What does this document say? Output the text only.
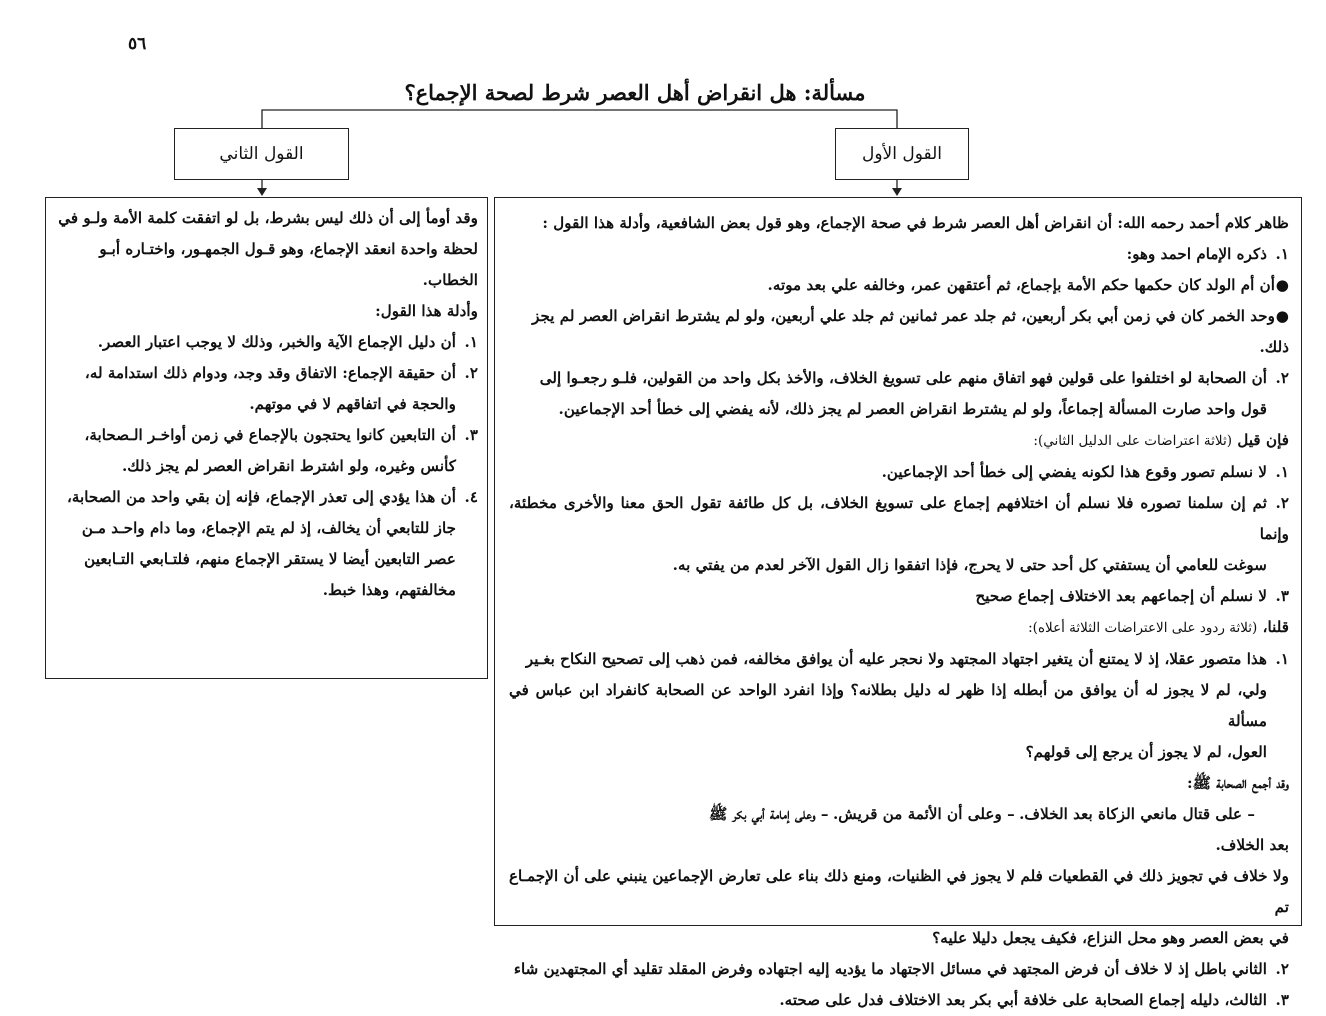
٥٦
مسألة: هل انقراض أهل العصر شرط لصحة الإجماع؟
القول الأول
القول الثاني

ظاهر كلام أحمد رحمه الله: أن انقراض أهل العصر شرط في صحة الإجماع، وهو قول بعض الشافعية، وأدلة هذا القول :

١.ذكره الإمام احمد وهو:

●أن أم الولد كان حكمها حكم الأمة بإجماع، ثم أعتقهن عمر، وخالفه علي بعد موته.

●وحد الخمر كان في زمن أبي بكر أربعين، ثم جلد عمر ثمانين ثم جلد علي أربعين، ولو لم يشترط انقراض العصر لم يجز ذلك.

٢.أن الصحابة لو اختلفوا على قولين فهو اتفاق منهم على تسويغ الخلاف، والأخذ بكل واحد من القولين، فلـو رجعـوا إلى

قول واحد صارت المسألة إجماعاً، ولو لم يشترط انقراض العصر لم يجز ذلك، لأنه يفضي إلى خطأ أحد الإجماعين.

فإن قيل (ثلاثة اعتراضات على الدليل الثاني):

١.لا نسلم تصور وقوع هذا لكونه يفضي إلى خطأ أحد الإجماعين.

٢.ثم إن سلمنا تصوره فلا نسلم أن اختلافهم إجماع على تسويغ الخلاف، بل كل طائفة تقول الحق معنا والأخرى مخطئة، وإنما

سوغت للعامي أن يستفتي كل أحد حتى لا يحرج، فإذا اتفقوا زال القول الآخر لعدم من يفتي به.

٣.لا نسلم أن إجماعهم بعد الاختلاف إجماع صحيح

قلنا، (ثلاثة ردود على الاعتراضات الثلاثة أعلاه):

١.هذا متصور عقلا، إذ لا يمتنع أن يتغير اجتهاد المجتهد ولا نحجر عليه أن يوافق مخالفه، فمن ذهب إلى تصحيح النكاح بغـير

ولي، لم لا يجوز له أن يوافق من أبطله إذا ظهر له دليل بطلانه؟ وإذا انفرد الواحد عن الصحابة كانفراد ابن عباس في مسألة

العول، لم لا يجوز أن يرجع إلى قولهم؟

وقد أجمع الصحابة ﷺ:

– على قتال مانعي الزكاة بعد الخلاف.
– وعلى أن الأئمة من قريش.
– وعلى إمامة أبي بكر ﷺ

بعد الخلاف.

ولا خلاف في تجويز ذلك في القطعيات فلم لا يجوز في الظنيات، ومنع ذلك بناء على تعارض الإجماعين ينبني على أن الإجمـاع تم

في بعض العصر وهو محل النزاع، فكيف يجعل دليلا عليه؟

٢.الثاني باطل إذ لا خلاف أن فرض المجتهد في مسائل الاجتهاد ما يؤديه إليه اجتهاده وفرض المقلد تقليد أي المجتهدين شاء

٣.الثالث، دليله إجماع الصحابة على خلافة أبي بكر بعد الاختلاف فدل على صحته.

وقد أومأ إلى أن ذلك ليس بشرط، بل لو اتفقت كلمة الأمة ولـو في

لحظة واحدة انعقد الإجماع، وهو قـول الجمهـور، واختـاره أبـو

الخطاب.

وأدلة هذا القول:

١.أن دليل الإجماع الآية والخبر، وذلك لا يوجب اعتبار العصر.

٢.أن حقيقة الإجماع: الاتفاق وقد وجد، ودوام ذلك استدامة له،

والحجة في اتفاقهم لا في موتهم.

٣.أن التابعين كانوا يحتجون بالإجماع في زمن أواخـر الـصحابة،

كأنس وغيره، ولو اشترط انقراض العصر لم يجز ذلك.

٤.أن هذا يؤدي إلى تعذر الإجماع، فإنه إن بقي واحد من الصحابة،

جاز للتابعي أن يخالف، إذ لم يتم الإجماع، وما دام واحـد مـن

عصر التابعين أيضا لا يستقر الإجماع منهم، فلتـابعي التـابعين

مخالفتهم، وهذا خبط.
